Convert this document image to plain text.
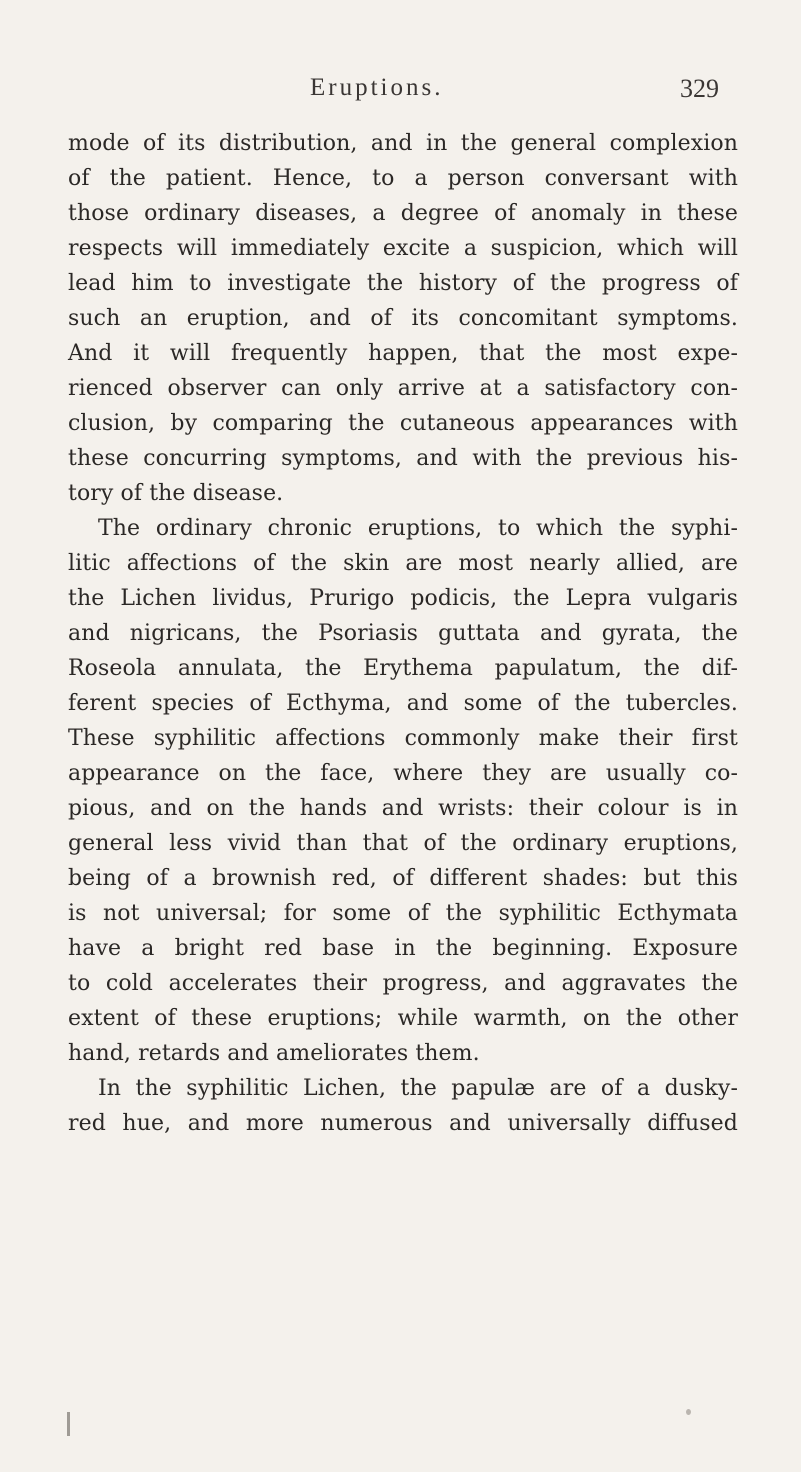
Eruptions.	329
mode of its distribution, and in the general complexion
of the patient. Hence, to a person conversant with
those ordinary diseases, a degree of anomaly in these
respects will immediately excite a suspicion, which will
lead him to investigate the history of the progress of
such an eruption, and of its concomitant symptoms.
And it will frequently happen, that the most expe-
rienced observer can only arrive at a satisfactory con-
clusion, by comparing the cutaneous appearances with
these concurring symptoms, and with the previous his-
tory of the disease.
The ordinary chronic eruptions, to which the syphi-
litic affections of the skin are most nearly allied, are
the Lichen lividus, Prurigo podicis, the Lepra vulgaris
and nigricans, the Psoriasis guttata and gyrata, the
Roseola annulata, the Erythema papulatum, the dif-
ferent species of Ecthyma, and some of the tubercles.
These syphilitic affections commonly make their first
appearance on the face, where they are usually co-
pious, and on the hands and wrists: their colour is in
general less vivid than that of the ordinary eruptions,
being of a brownish red, of different shades: but this
is not universal; for some of the syphilitic Ecthymata
have a bright red base in the beginning. Exposure
to cold accelerates their progress, and aggravates the
extent of these eruptions; while warmth, on the other
hand, retards and ameliorates them.
In the syphilitic Lichen, the papulæ are of a dusky-
red hue, and more numerous and universally diffused
